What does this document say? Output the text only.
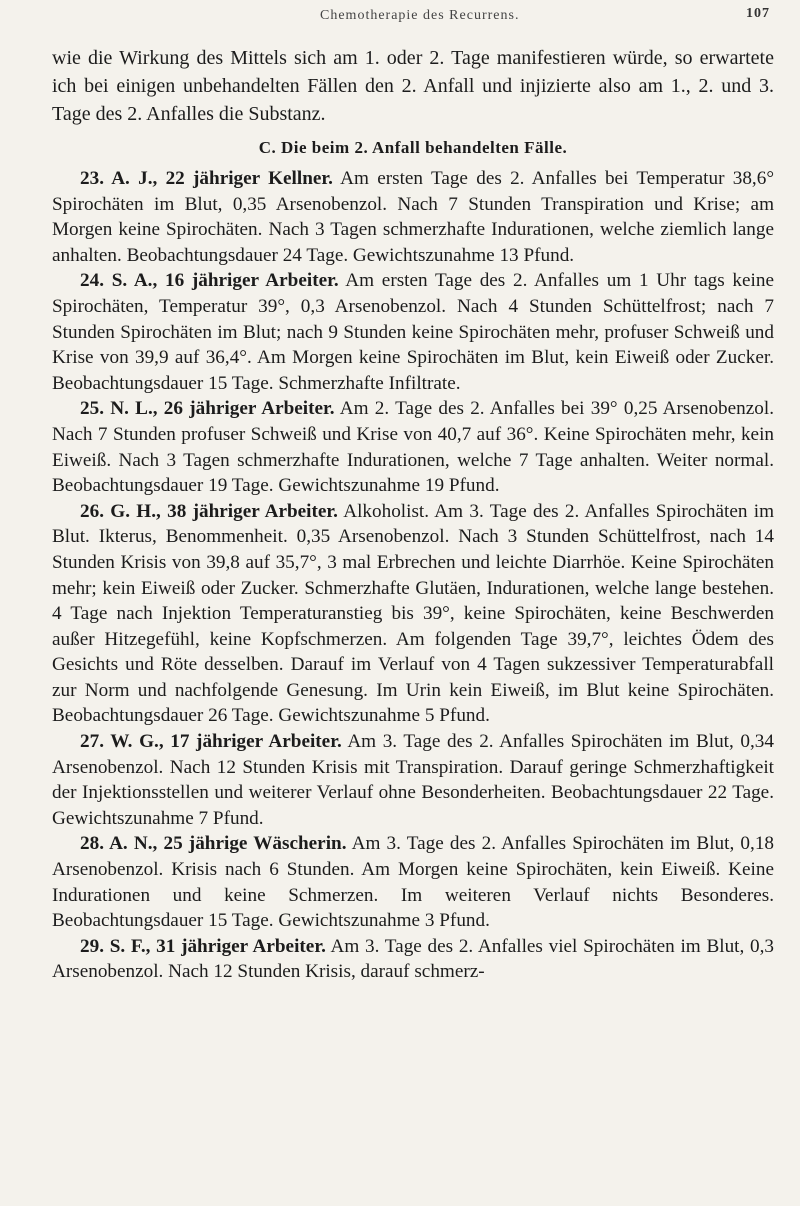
Chemotherapie des Recurrens.	107

wie die Wirkung des Mittels sich am 1. oder 2. Tage manifestieren würde, so erwartete ich bei einigen unbehandelten Fällen den 2. Anfall und injizierte also am 1., 2. und 3. Tage des 2. Anfalles die Substanz.

C. Die beim 2. Anfall behandelten Fälle.

23. A. J., 22 jähriger Kellner. Am ersten Tage des 2. Anfalles bei Temperatur 38,6° Spirochäten im Blut, 0,35 Arsenobenzol. Nach 7 Stunden Transpiration und Krise; am Morgen keine Spirochäten. Nach 3 Tagen schmerzhafte Indurationen, welche ziemlich lange anhalten. Beobachtungsdauer 24 Tage. Gewichtszunahme 13 Pfund.

24. S. A., 16 jähriger Arbeiter. Am ersten Tage des 2. Anfalles um 1 Uhr tags keine Spirochäten, Temperatur 39°, 0,3 Arsenobenzol. Nach 4 Stunden Schüttelfrost; nach 7 Stunden Spirochäten im Blut; nach 9 Stunden keine Spirochäten mehr, profuser Schweiß und Krise von 39,9 auf 36,4°. Am Morgen keine Spirochäten im Blut, kein Eiweiß oder Zucker. Beobachtungsdauer 15 Tage. Schmerzhafte Infiltrate.

25. N. L., 26 jähriger Arbeiter. Am 2. Tage des 2. Anfalles bei 39° 0,25 Arsenobenzol. Nach 7 Stunden profuser Schweiß und Krise von 40,7 auf 36°. Keine Spirochäten mehr, kein Eiweiß. Nach 3 Tagen schmerzhafte Indurationen, welche 7 Tage anhalten. Weiter normal. Beobachtungsdauer 19 Tage. Gewichtszunahme 19 Pfund.

26. G. H., 38 jähriger Arbeiter. Alkoholist. Am 3. Tage des 2. Anfalles Spirochäten im Blut. Ikterus, Benommenheit. 0,35 Arsenobenzol. Nach 3 Stunden Schüttelfrost, nach 14 Stunden Krisis von 39,8 auf 35,7°, 3 mal Erbrechen und leichte Diarrhöe. Keine Spirochäten mehr; kein Eiweiß oder Zucker. Schmerzhafte Glutäen, Indurationen, welche lange bestehen. 4 Tage nach Injektion Temperaturanstieg bis 39°, keine Spirochäten, keine Beschwerden außer Hitzegefühl, keine Kopfschmerzen. Am folgenden Tage 39,7°, leichtes Ödem des Gesichts und Röte desselben. Darauf im Verlauf von 4 Tagen sukzessiver Temperaturabfall zur Norm und nachfolgende Genesung. Im Urin kein Eiweiß, im Blut keine Spirochäten. Beobachtungsdauer 26 Tage. Gewichtszunahme 5 Pfund.

27. W. G., 17 jähriger Arbeiter. Am 3. Tage des 2. Anfalles Spirochäten im Blut, 0,34 Arsenobenzol. Nach 12 Stunden Krisis mit Transpiration. Darauf geringe Schmerzhaftigkeit der Injektionsstellen und weiterer Verlauf ohne Besonderheiten. Beobachtungsdauer 22 Tage. Gewichtszunahme 7 Pfund.

28. A. N., 25 jährige Wäscherin. Am 3. Tage des 2. Anfalles Spirochäten im Blut, 0,18 Arsenobenzol. Krisis nach 6 Stunden. Am Morgen keine Spirochäten, kein Eiweiß. Keine Indurationen und keine Schmerzen. Im weiteren Verlauf nichts Besonderes. Beobachtungsdauer 15 Tage. Gewichtszunahme 3 Pfund.

29. S. F., 31 jähriger Arbeiter. Am 3. Tage des 2. Anfalles viel Spirochäten im Blut, 0,3 Arsenobenzol. Nach 12 Stunden Krisis, darauf schmerz-
